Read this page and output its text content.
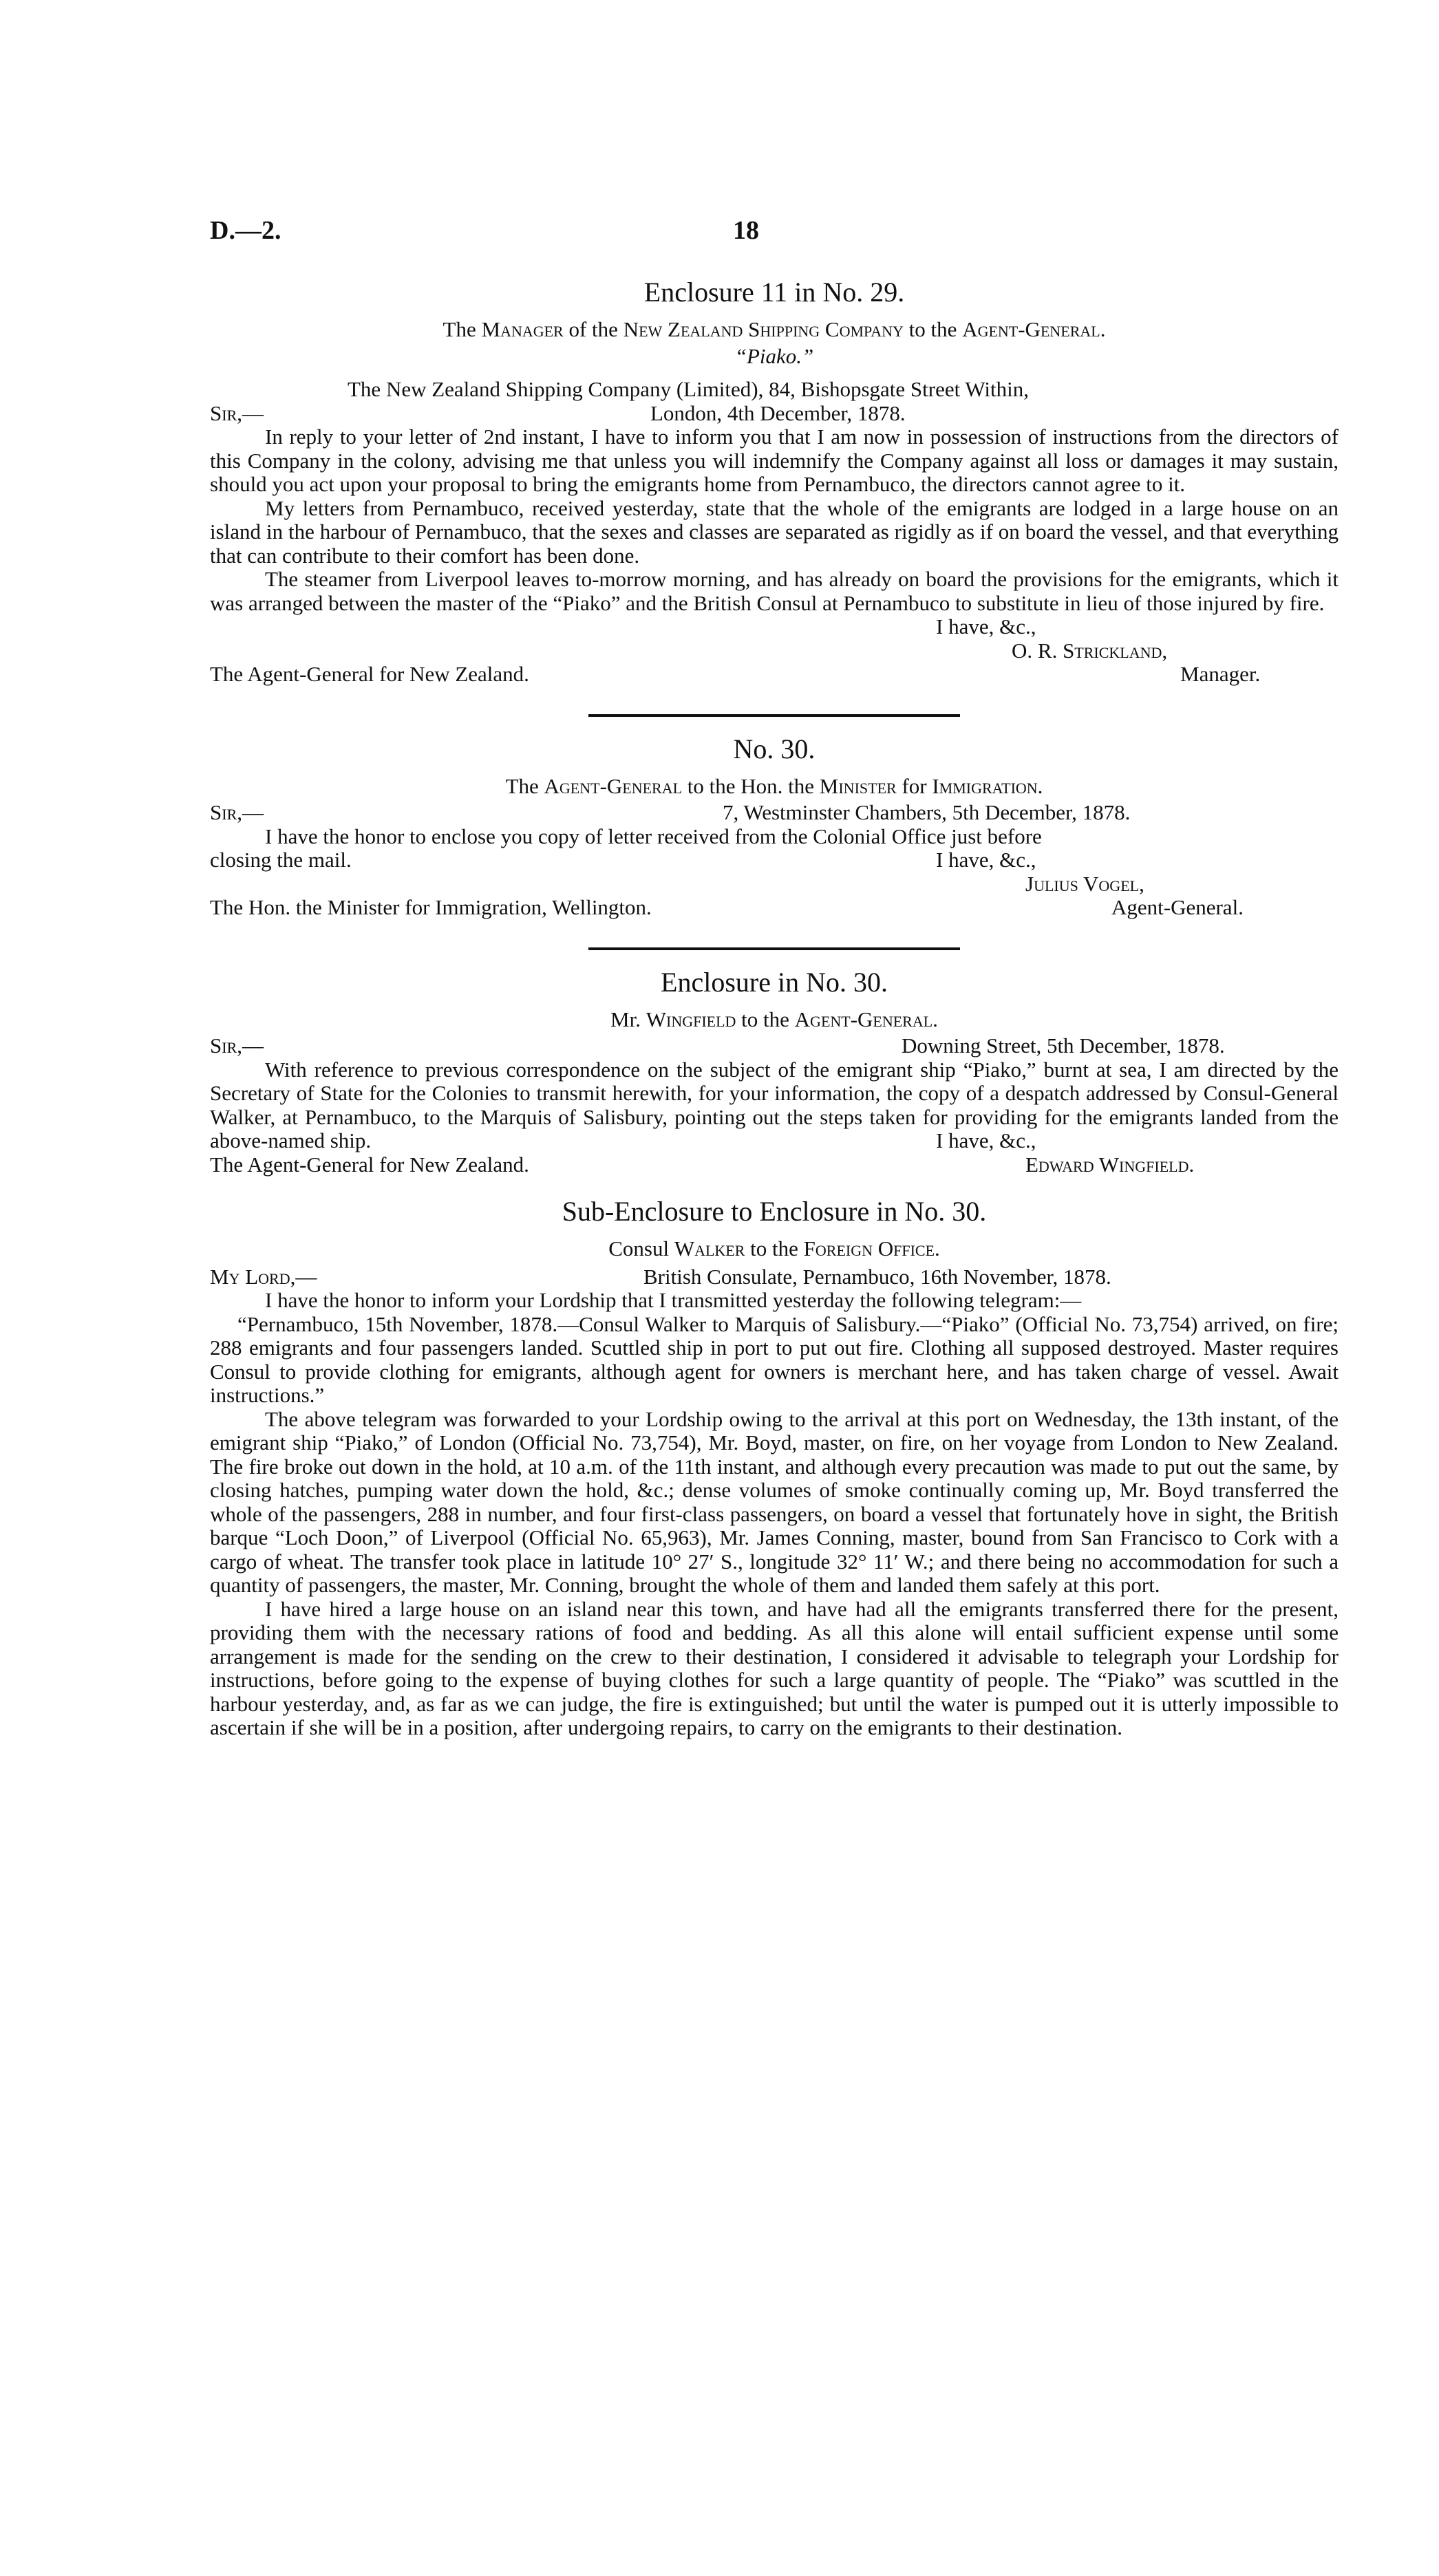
D.—2.	18
Enclosure 11 in No. 29.
The Manager of the New Zealand Shipping Company to the Agent-General.
“Piako.”
The New Zealand Shipping Company (Limited), 84, Bishopsgate Street Within,
Sir,—	London, 4th December, 1878.

In reply to your letter of 2nd instant, I have to inform you that I am now in possession of instructions from the directors of this Company in the colony, advising me that unless you will indemnify the Company against all loss or damages it may sustain, should you act upon your proposal to bring the emigrants home from Pernambuco, the directors cannot agree to it.

My letters from Pernambuco, received yesterday, state that the whole of the emigrants are lodged in a large house on an island in the harbour of Pernambuco, that the sexes and classes are separated as rigidly as if on board the vessel, and that everything that can contribute to their comfort has been done.

The steamer from Liverpool leaves to-morrow morning, and has already on board the provisions for the emigrants, which it was arranged between the master of the “Piako” and the British Consul at Pernambuco to substitute in lieu of those injured by fire.

I have, &c.,
O. R. Strickland,
The Agent-General for New Zealand.	Manager.
No. 30.
The Agent-General to the Hon. the Minister for Immigration.
Sir,—	7, Westminster Chambers, 5th December, 1878.
I have the honor to enclose you copy of letter received from the Colonial Office just before
closing the mail.	I have, &c.,
Julius Vogel,
The Hon. the Minister for Immigration, Wellington.	Agent-General.
Enclosure in No. 30.
Mr. Wingfield to the Agent-General.
Sir,—	Downing Street, 5th December, 1878.

With reference to previous correspondence on the subject of the emigrant ship “Piako,” burnt at sea, I am directed by the Secretary of State for the Colonies to transmit herewith, for your information, the copy of a despatch addressed by Consul-General Walker, at Pernambuco, to the Marquis of Salisbury, pointing out the steps taken for providing for the emigrants landed from the

above-named ship.	I have, &c.,
The Agent-General for New Zealand.	Edward Wingfield.
Sub-Enclosure to Enclosure in No. 30.
Consul Walker to the Foreign Office.
My Lord,—	British Consulate, Pernambuco, 16th November, 1878.

I have the honor to inform your Lordship that I transmitted yesterday the following telegram:—

“Pernambuco, 15th November, 1878.—Consul Walker to Marquis of Salisbury.—“Piako” (Official No. 73,754) arrived, on fire; 288 emigrants and four passengers landed. Scuttled ship in port to put out fire. Clothing all supposed destroyed. Master requires Consul to provide clothing for emigrants, although agent for owners is merchant here, and has taken charge of vessel. Await instructions.”

The above telegram was forwarded to your Lordship owing to the arrival at this port on Wednesday, the 13th instant, of the emigrant ship “Piako,” of London (Official No. 73,754), Mr. Boyd, master, on fire, on her voyage from London to New Zealand. The fire broke out down in the hold, at 10 a.m. of the 11th instant, and although every precaution was made to put out the same, by closing hatches, pumping water down the hold, &c.; dense volumes of smoke continually coming up, Mr. Boyd transferred the whole of the passengers, 288 in number, and four first-class passengers, on board a vessel that fortunately hove in sight, the British barque “Loch Doon,” of Liverpool (Official No. 65,963), Mr. James Conning, master, bound from San Francisco to Cork with a cargo of wheat. The transfer took place in latitude 10° 27′ S., longitude 32° 11′ W.; and there being no accommodation for such a quantity of passengers, the master, Mr. Conning, brought the whole of them and landed them safely at this port.

I have hired a large house on an island near this town, and have had all the emigrants transferred there for the present, providing them with the necessary rations of food and bedding. As all this alone will entail sufficient expense until some arrangement is made for the sending on the crew to their destination, I considered it advisable to telegraph your Lordship for instructions, before going to the expense of buying clothes for such a large quantity of people. The “Piako” was scuttled in the harbour yesterday, and, as far as we can judge, the fire is extinguished; but until the water is pumped out it is utterly impossible to ascertain if she will be in a position, after undergoing repairs, to carry on the emigrants to their destination.
